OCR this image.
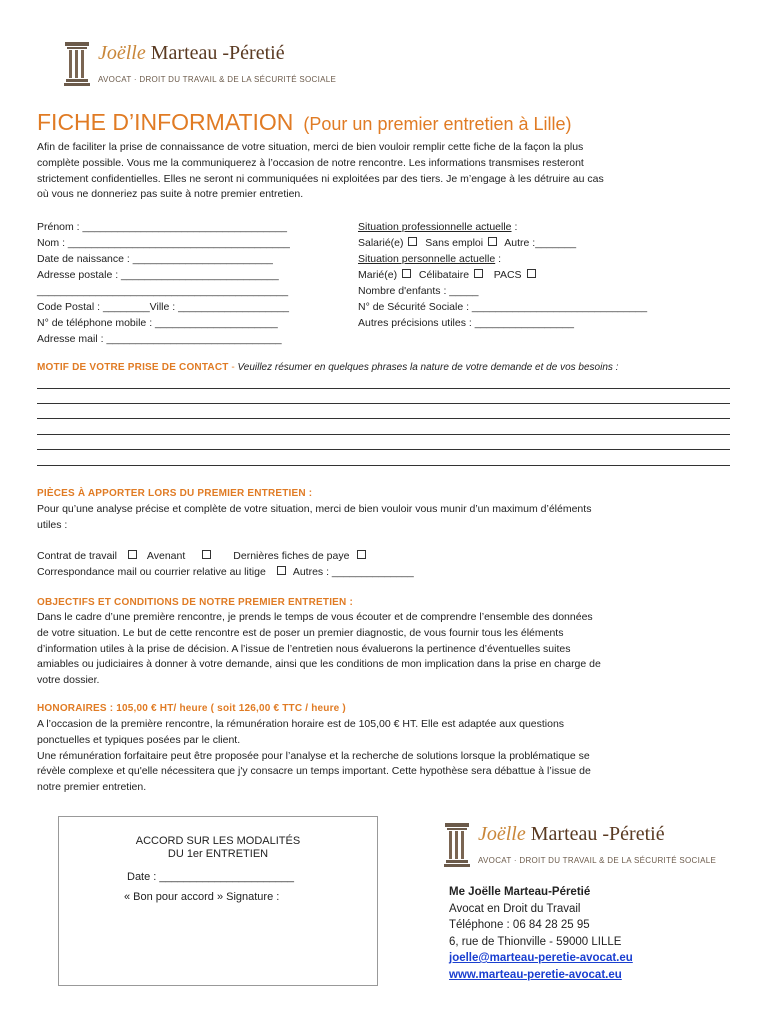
Joëlle Marteau -Péretié
AVOCAT · DROIT DU TRAVAIL & DE LA SÉCURITÉ SOCIALE
FICHE D’INFORMATION (Pour un premier entretien à Lille)
Afin de faciliter la prise de connaissance de votre situation, merci de bien vouloir remplir cette fiche de la façon la plus
complète possible. Vous me la communiquerez à l’occasion de notre rencontre. Les informations transmises resteront
strictement confidentielles. Elles ne seront ni communiquées ni exploitées par des tiers. Je m’engage à les détruire au cas
où vous ne donneriez pas suite à notre premier entretien.
Prénom : ___________________________________
Nom : ______________________________________
Date de naissance : ________________________
Adresse postale : ___________________________
___________________________________________
Code Postal : ________Ville : ___________________
N° de téléphone mobile : _____________________
Adresse mail : ______________________________
Situation professionnelle actuelle :
Salarié(e) Sans emploi Autre :_______
Situation personnelle actuelle :
Marié(e) Célibataire PACS
Nombre d'enfants : _____
N° de Sécurité Sociale : ______________________________
Autres précisions utiles : _________________
MOTIF DE VOTRE PRISE DE CONTACT - Veuillez résumer en quelques phrases la nature de votre demande et de vos besoins :
PIÈCES À APPORTER LORS DU PREMIER ENTRETIEN :
Pour qu’une analyse précise et complète de votre situation, merci de bien vouloir vous munir d’un maximum d’éléments
utiles :
Contrat de travail	Avenant	Dernières fiches de paye
Correspondance mail ou courrier relative au litige	Autres : ______________
OBJECTIFS ET CONDITIONS DE NOTRE PREMIER ENTRETIEN :
Dans le cadre d’une première rencontre, je prends le temps de vous écouter et de comprendre l’ensemble des données
de votre situation. Le but de cette rencontre est de poser un premier diagnostic, de vous fournir tous les éléments
d’information utiles à la prise de décision. A l’issue de l’entretien nous évaluerons la pertinence d’éventuelles suites
amiables ou judiciaires à donner à votre demande, ainsi que les conditions de mon implication dans la prise en charge de
votre dossier.
HONORAIRES : 105,00 € HT/ heure ( soit 126,00 € TTC / heure )
A l’occasion de la première rencontre, la rémunération horaire est de 105,00 € HT. Elle est adaptée aux questions
ponctuelles et typiques posées par le client.
Une rémunération forfaitaire peut être proposée pour l’analyse et la recherche de solutions lorsque la problématique se
révèle complexe et qu'elle nécessitera que j'y consacre un temps important. Cette hypothèse sera débattue à l’issue de
notre premier entretien.
ACCORD SUR LES MODALITÉS
DU 1er ENTRETIEN
Date : ______________________
« Bon pour accord » Signature :
Joëlle Marteau -Péretié
AVOCAT · DROIT DU TRAVAIL & DE LA SÉCURITÉ SOCIALE
Me Joëlle Marteau-Péretié
Avocat en Droit du Travail
Téléphone : 06 84 28 25 95
6, rue de Thionville - 59000 LILLE
joelle@marteau-peretie-avocat.eu
www.marteau-peretie-avocat.eu
